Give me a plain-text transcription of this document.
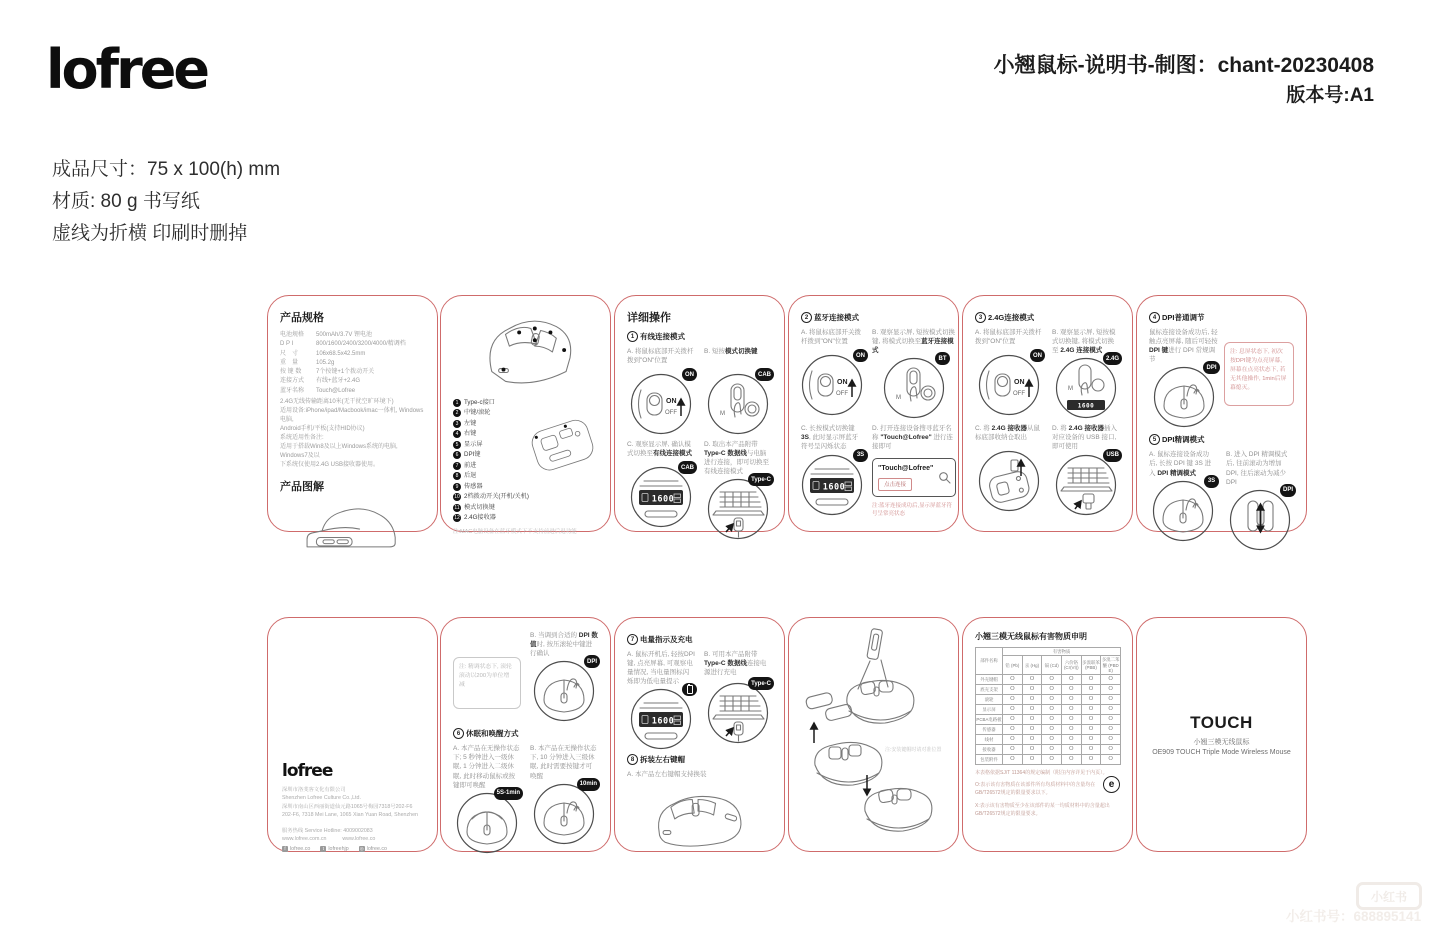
lofree	小翘鼠标-说明书-制图：chant-20230408
版本号:A1
成品尺寸：75 x 100(h) mm
材质: 80 g 书写纸
虚线为折横 印刷时删掉
产品规格
电池规格	500mAh/3.7V 锂电池
D P I	800/1600/2400/3200/4000/精调档
尺　寸	106x68.5x42.5mm
重　量	105.2g
按 键 数	7个按键+1个拨动开关
连接方式	有线+蓝牙+2.4G
蓝牙名称	Touch@Lofree
2.4G无线传输距离10米(无干扰空旷环境下)
适用设备:iPhone/ipad/Macbook/imac一体机, Windows电脑,
Android手机/平板(支持HID协议)
系统适用性备注:
适用于搭载Win8及以上Windows系统的电脑, Windows7及以
下系统仅使用2.4G USB接收器使用。
产品图解
1 Type-c接口
2 中键/滚轮
3 左键
4 右键
5 显示屏
6 DPI键
7 前进
8 后退
9 传感器
10 2档拨动开关(开机/关机)
11 模式切换键
12 2.4G接收器
注:MAC电脑设备在蓝牙模式下不支持前进后退功能
详细操作
1 有线连接模式
A. 将鼠标底部开关拨杆拨到"ON"位置
ON
OFF
ON
B. 短按模式切换键
M
CAB
C. 观察显示屏, 确认模式切换至有线连接模式
1600
CAB
D. 取出本产品附带 Type-C 数据线与电脑进行连接，即可切换至有线连接模式
Type-C
2 蓝牙连接模式
A. 将鼠标底部开关拨杆拨到"ON"位置
ON
OFF
ON
B. 观察显示屏, 短按模式切换键, 将模式切换至蓝牙连接模式
M
BT
C. 长按模式切换键 3S, 此时显示屏蓝牙符号呈闪烁状态
1600
3S
D. 打开连接设备搜寻蓝牙名称 "Touch@Lofree" 进行连接即可
"Touch@Lofree"
点击连接
注:蓝牙连接成功后,显示屏蓝牙符号呈常亮状态
3 2.4G连接模式
A. 将鼠标底部开关拨杆拨到"ON"位置
ON
OFF
ON
B. 观察显示屏, 短按模式切换键, 将模式切换至 2.4G 连接模式
M
1600
2.4G
C. 将 2.4G 接收器从鼠标底部收纳仓取出
D. 将 2.4G 接收器插入对应设备的 USB 接口, 即可使用
USB
4 DPI普通调节
鼠标连接设备成功后, 轻触点亮屏幕, 随后可轻按 DPI 键进行 DPI 常规调节
DPI
注: 息屏状态下, 初次按DPI键为点亮屏幕, 屏幕在点亮状态下, 若无其他操作, 1min后屏幕熄灭。
5 DPI精调模式
A. 鼠标连接设备成功后, 长按 DPI 键 3S 进入 DPI 精调模式
3S
B. 进入 DPI 精调模式后, 往前滚动为增加 DPI, 往后滚动为减少 DPI
DPI
lofree
深圳市洛斐客文化有限公司
Shenzhen Lofree Culture Co.,Ltd.
深圳市南山区西丽街道仙元路1065号梅园7318号202-F6
202-F6, 7318 Mei Lane, 1065 Xian Yuan Road, Shenzhen
服务热线 Service Hotline: 4009002083
www.lofree.com.cn　　　www.lofree.co
f lofree.co	t lofreehjp ◎ lofree.co
注: 精调状态下, 滚轮滚动以200为单位增减
B. 当调到合适的 DPI 数值时, 按压滚轮中键进行确认
DPI
6 休眠和唤醒方式
A. 本产品在无操作状态下; 5 秒钟进入一级休眠, 1 分钟进入二级休眠, 此时移动鼠标或按键即可唤醒
5S-1min
B. 本产品在无操作状态下, 10 分钟进入三级休眠, 此时需要按键才可唤醒
10min
7 电量指示及充电
A. 鼠标开机后, 轻按DPI键, 点亮屏幕, 可观察电量情况, 当电量图标闪烁即为低电量提示
1600
B. 可用本产品附带Type-C 数据线连接电源进行充电
Type-C
8 拆装左右键帽
A. 本产品左右键帽支持换装
注:安装键帽时请对准位置
小翘三模无线鼠标有害物质申明
部件名称	有害物质					
	铅 (Pb)	汞 (Hg)	镉 (Cd)	六价铬 (Cr(VI))	多溴联苯 (PBB)	多溴二苯醚 (PBDE)
外壳键帽	O	O	O	O	O	O
底壳支架	O	O	O	O	O	O
滚轮	O	O	O	O	O	O
显示屏	O	O	O	O	O	O
PCBA电路板	O	O	O	O	O	O
传感器	O	O	O	O	O	O
线材	O	O	O	O	O	O
接收器	O	O	O	O	O	O
包装附件	O	O	O	O	O	O
本表格依据SJ/T 11364的规定编制（附注内容详见于内页）。
O:表示该有害物质在该部件所有均质材料中的含量均在GB/T26572规定的限量要求以下。
X:表示该有害物质至少在该部件的某一均质材料中的含量超出GB/T26572规定的限量要求。
e
TOUCH
小翘三模无线鼠标
OE909 TOUCH Triple Mode Wireless Mouse
小红书
小红书号：688895141
